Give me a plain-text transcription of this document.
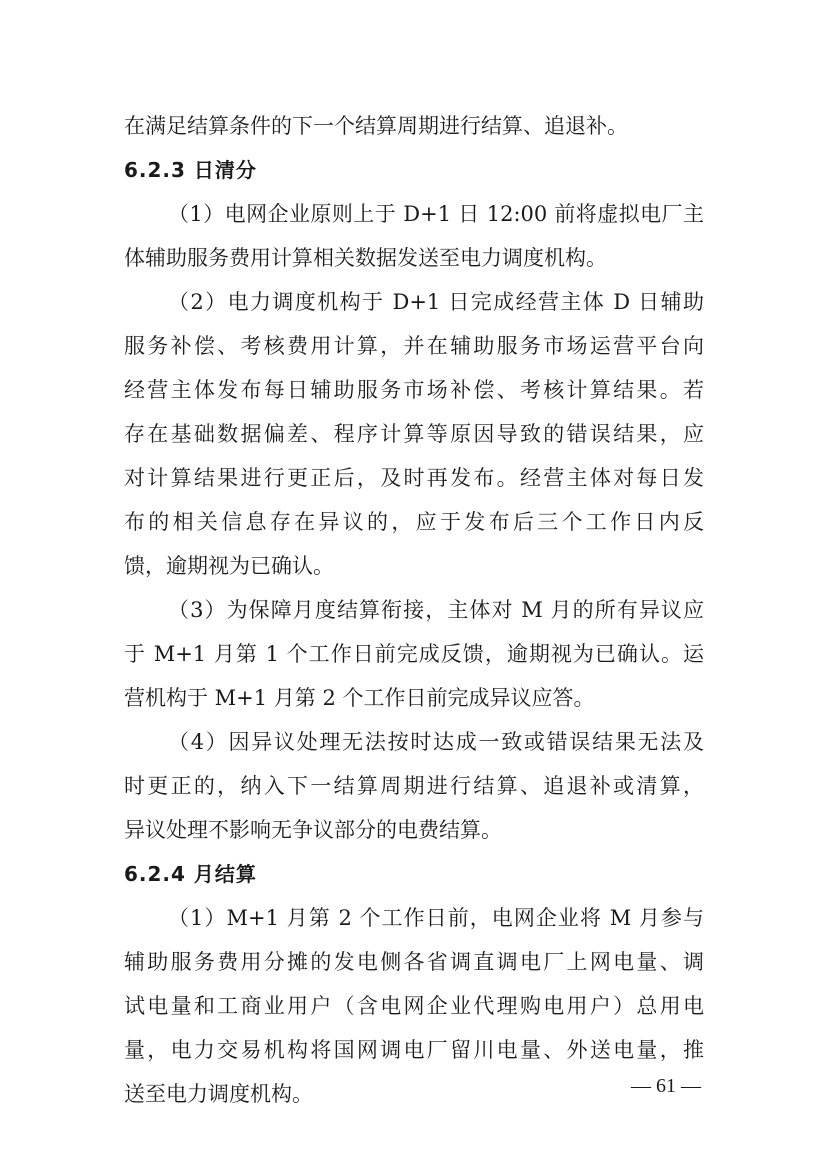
在满足结算条件的下一个结算周期进行结算、追退补。
6.2.3 日清分
（1）电网企业原则上于 D+1 日 12:00 前将虚拟电厂主
体辅助服务费用计算相关数据发送至电力调度机构。
（2）电力调度机构于 D+1 日完成经营主体 D 日辅助
服务补偿、考核费用计算，并在辅助服务市场运营平台向
经营主体发布每日辅助服务市场补偿、考核计算结果。若
存在基础数据偏差、程序计算等原因导致的错误结果，应
对计算结果进行更正后，及时再发布。经营主体对每日发
布的相关信息存在异议的，应于发布后三个工作日内反
馈，逾期视为已确认。
（3）为保障月度结算衔接，主体对 M 月的所有异议应
于 M+1 月第 1 个工作日前完成反馈，逾期视为已确认。运
营机构于 M+1 月第 2 个工作日前完成异议应答。
（4）因异议处理无法按时达成一致或错误结果无法及
时更正的，纳入下一结算周期进行结算、追退补或清算，
异议处理不影响无争议部分的电费结算。
6.2.4 月结算
（1）M+1 月第 2 个工作日前，电网企业将 M 月参与
辅助服务费用分摊的发电侧各省调直调电厂上网电量、调
试电量和工商业用户（含电网企业代理购电用户）总用电
量，电力交易机构将国网调电厂留川电量、外送电量，推
送至电力调度机构。	— 61 —
